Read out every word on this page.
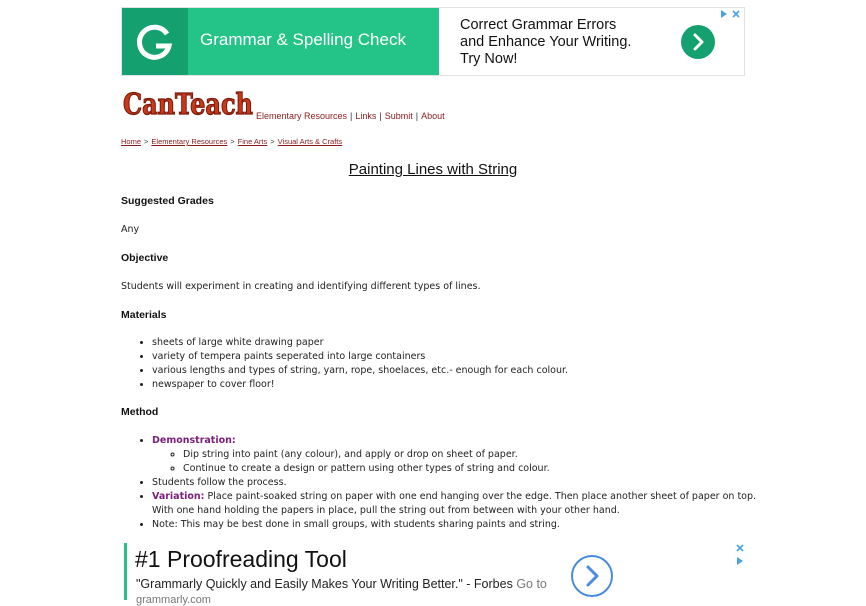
Grammar & Spelling Check
Correct Grammar Errors
and Enhance Your Writing.
Try Now!
CanTeach Elementary Resources | Links | Submit | About
Home > Elementary Resources > Fine Arts > Visual Arts & Crafts
Painting Lines with String
Suggested Grades

Any

Objective

Students will experiment in creating and identifying different types of lines.

Materials
• sheets of large white drawing paper
• variety of tempera paints seperated into large containers
• various lengths and types of string, yarn, rope, shoelaces, etc.- enough for each colour.
• newspaper to cover floor!
Method
• Demonstration:
◦ Dip string into paint (any colour), and apply or drop on sheet of paper.
◦ Continue to create a design or pattern using other types of string and colour.
• Students follow the process.
• Variation: Place paint-soaked string on paper with one end hanging over the edge. Then place another sheet of paper on top. With one hand holding the papers in place, pull the string out from between with your other hand.
• Note: This may be best done in small groups, with students sharing paints and string.
#1 Proofreading Tool
"Grammarly Quickly and Easily Makes Your Writing Better." - Forbes Go to
grammarly.com
